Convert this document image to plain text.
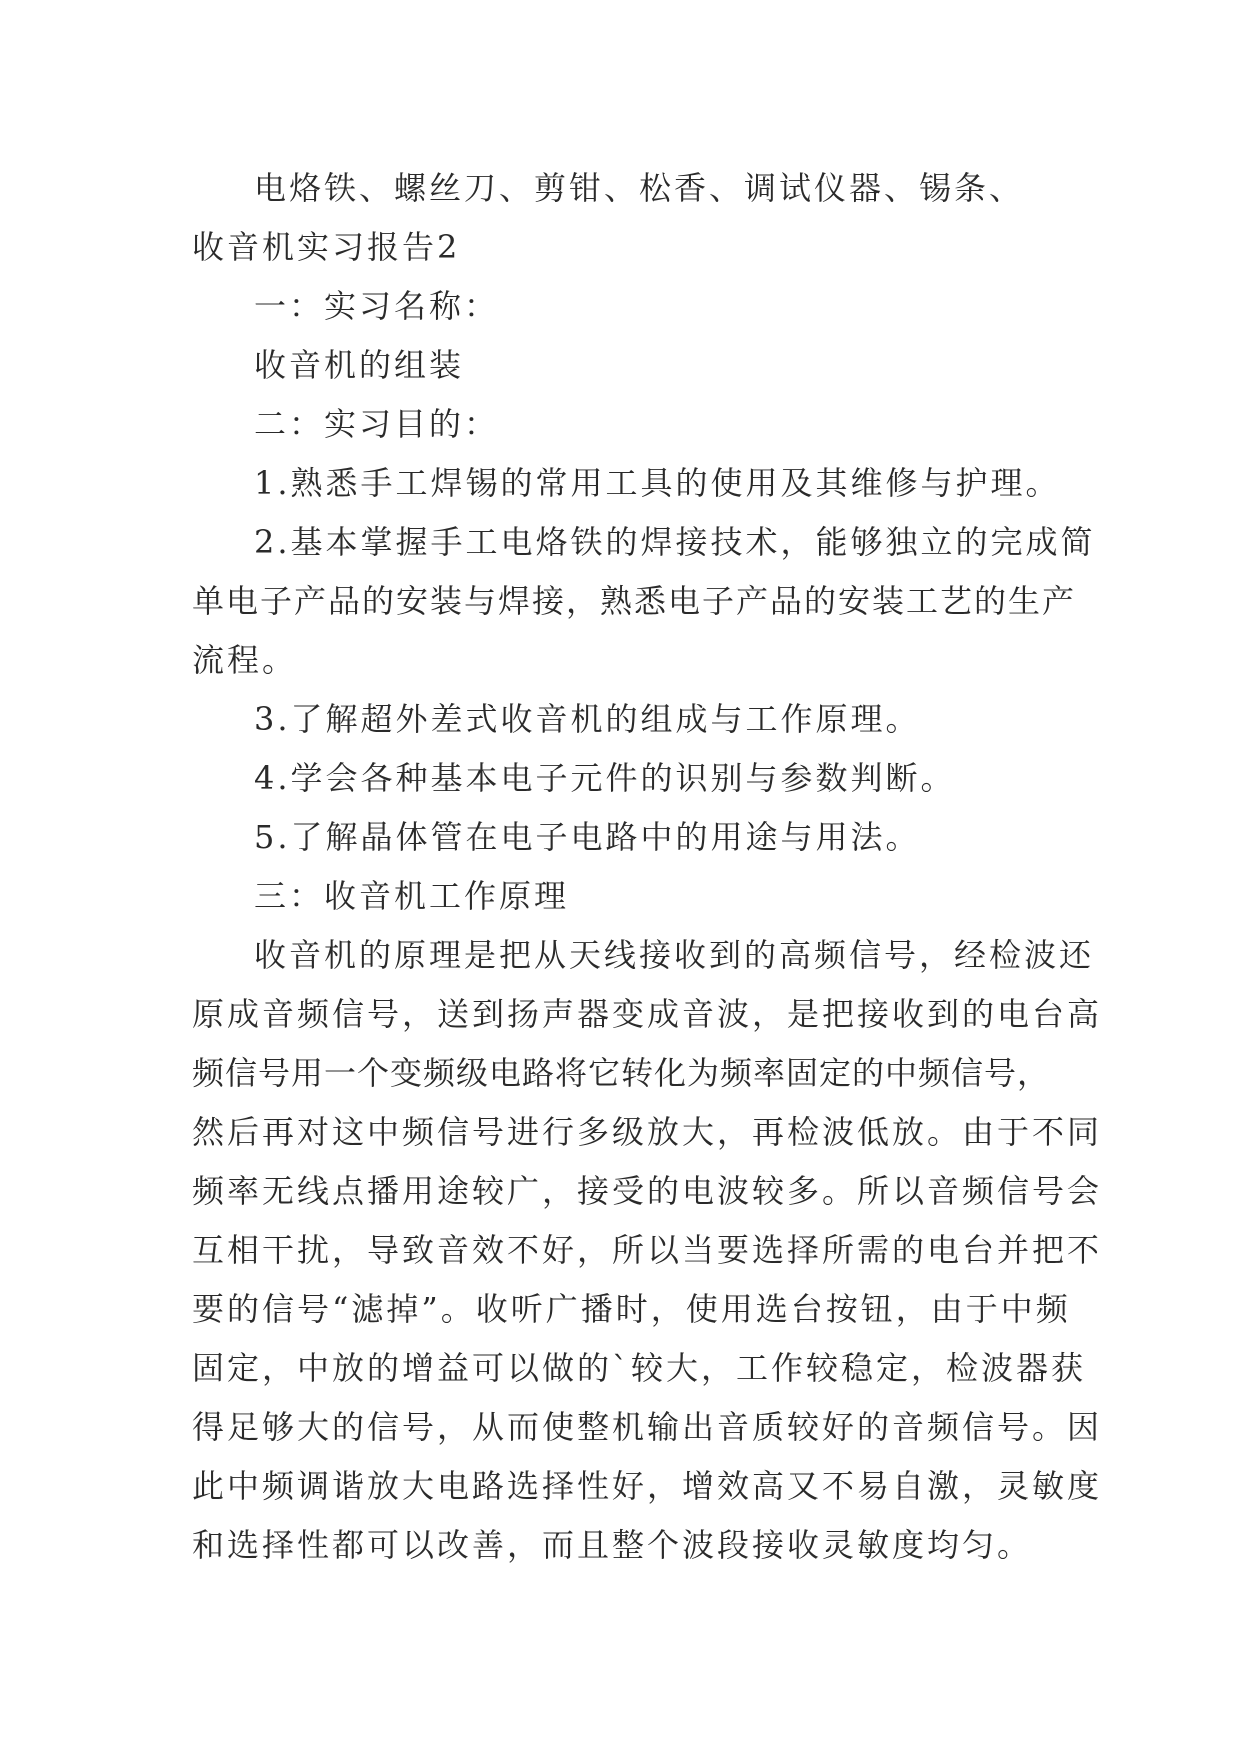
电烙铁、螺丝刀、剪钳、松香、调试仪器、锡条、
收音机实习报告2
一：实习名称：
收音机的组装
二：实习目的：
1.熟悉手工焊锡的常用工具的使用及其维修与护理。
2.基本掌握手工电烙铁的焊接技术，能够独立的完成简
单电子产品的安装与焊接，熟悉电子产品的安装工艺的生产
流程。
3.了解超外差式收音机的组成与工作原理。
4.学会各种基本电子元件的识别与参数判断。
5.了解晶体管在电子电路中的用途与用法。
三：收音机工作原理
收音机的原理是把从天线接收到的高频信号，经检波还
原成音频信号，送到扬声器变成音波，是把接收到的电台高
频信号用一个变频级电路将它转化为频率固定的中频信号，
然后再对这中频信号进行多级放大，再检波低放。由于不同
频率无线点播用途较广，接受的电波较多。所以音频信号会
互相干扰，导致音效不好，所以当要选择所需的电台并把不
要的信号“滤掉”。收听广播时，使用选台按钮，由于中频
固定，中放的增益可以做的`较大，工作较稳定，检波器获
得足够大的信号，从而使整机输出音质较好的音频信号。因
此中频调谐放大电路选择性好，增效高又不易自激，灵敏度
和选择性都可以改善，而且整个波段接收灵敏度均匀。
